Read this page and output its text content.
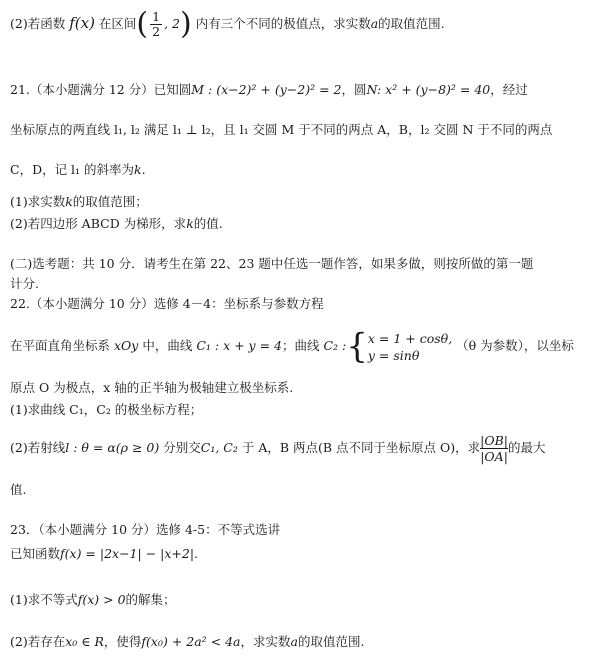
(2)若函数 f(x) 在区间( $\frac{1}{2}$ , 2) 内有三个不同的极值点，求实数a的取值范围.
21.（本小题满分 12 分）已知圆M : (x−2)² + (y−2)² = 2，圆N: x² + (y−8)² = 40，经过
坐标原点的两直线 l₁, l₂ 满足 l₁ ⊥ l₂，且 l₁ 交圆 M 于不同的两点 A，B，l₂ 交圆 N 于不同的两点
C，D，记 l₁ 的斜率为k.
(1)求实数k的取值范围；
(2)若四边形 ABCD 为梯形，求k的值.
(二)选考题：共 10 分．请考生在第 22、23 题中任选一题作答，如果多做，则按所做的第一题
计分.
22.（本小题满分 10 分）选修 4－4：坐标系与参数方程
在平面直角坐标系 xOy 中，曲线 C₁ : x + y = 4；曲线 C₂ :{ x = 1 + cosθ,
y = sinθ
（θ 为参数），以坐标
原点 O 为极点，x 轴的正半轴为极轴建立极坐标系.
(1)求曲线 C₁，C₂ 的极坐标方程；
(2)若射线l : θ = α(ρ ≥ 0) 分别交C₁, C₂ 于 A，B 两点(B 点不同于坐标原点 O)，求 $\frac{|OB|}{|OA|}$ 的最大
值.
23．（本小题满分 10 分）选修 4-5：不等式选讲
已知函数f(x) = |2x−1| − |x+2|.
(1)求不等式f(x) > 0的解集；
(2)若存在x₀ ∈ R，使得f(x₀) + 2a² < 4a，求实数a的取值范围.
